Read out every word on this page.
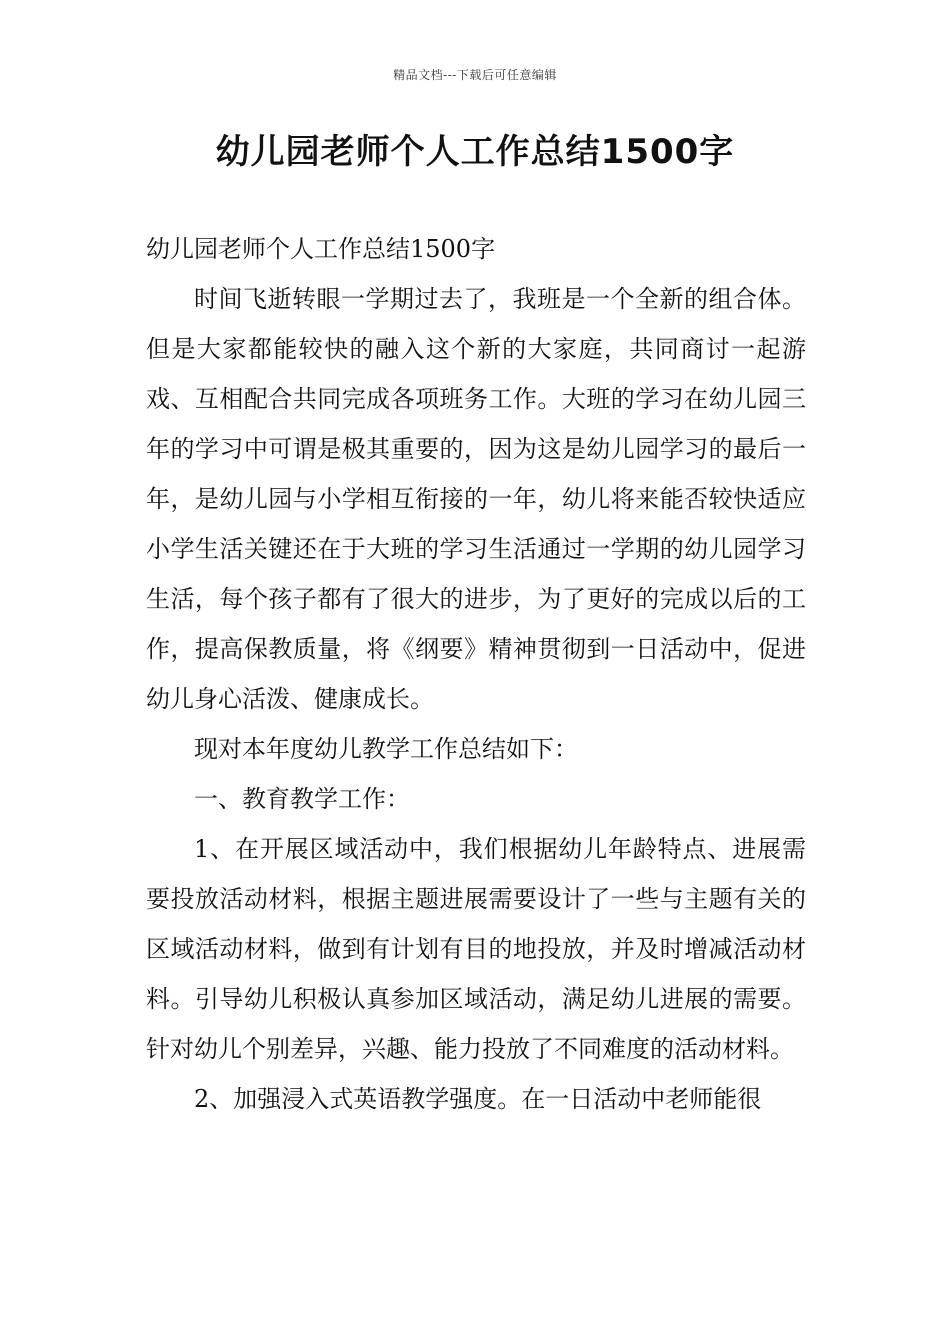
精品文档---下载后可任意编辑
幼儿园老师个人工作总结1500字

幼儿园老师个人工作总结1500字

时间飞逝转眼一学期过去了，我班是一个全新的组合体。但是大家都能较快的融入这个新的大家庭，共同商讨一起游戏、互相配合共同完成各项班务工作。大班的学习在幼儿园三年的学习中可谓是极其重要的，因为这是幼儿园学习的最后一年，是幼儿园与小学相互衔接的一年，幼儿将来能否较快适应小学生活关键还在于大班的学习生活通过一学期的幼儿园学习生活，每个孩子都有了很大的进步，为了更好的完成以后的工作，提高保教质量，将《纲要》精神贯彻到一日活动中，促进幼儿身心活泼、健康成长。

现对本年度幼儿教学工作总结如下：

一、教育教学工作：

1、在开展区域活动中，我们根据幼儿年龄特点、进展需要投放活动材料，根据主题进展需要设计了一些与主题有关的区域活动材料，做到有计划有目的地投放，并及时增减活动材料。引导幼儿积极认真参加区域活动，满足幼儿进展的需要。针对幼儿个别差异，兴趣、能力投放了不同难度的活动材料。

2、加强浸入式英语教学强度。在一日活动中老师能很
